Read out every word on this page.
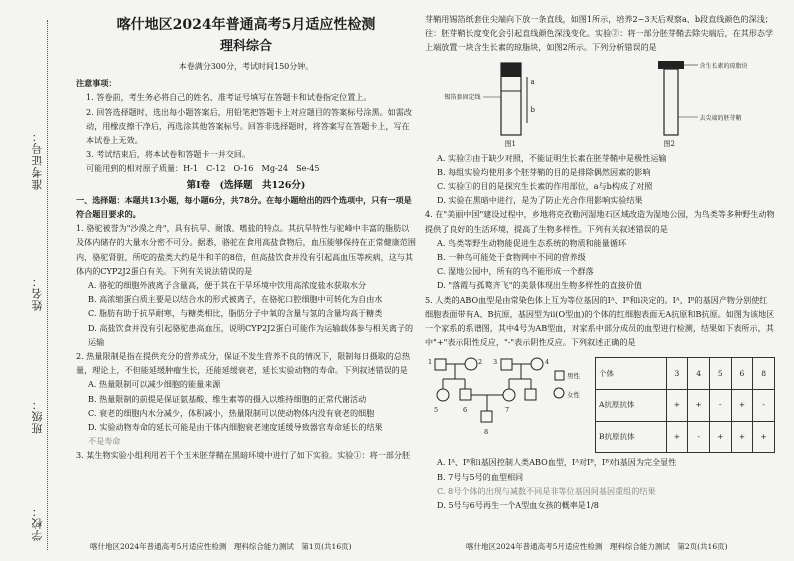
准考证号：
姓名：
班级：
学校：
喀什地区2024年普通高考5月适应性检测
理科综合
本卷满分300分，考试时间150分钟。
注意事项：

1. 答卷前，考生务必将自己的姓名、准考证号填写在答题卡和试卷指定位置上。

2. 回答选择题时，选出每小题答案后，用铅笔把答题卡上对应题目的答案标号涂黑。如需改动，用橡皮擦干净后，再选涂其他答案标号。回答非选择题时，将答案写在答题卡上，写在本试卷上无效。

3. 考试结束后，将本试卷和答题卡一并交回。

可能用到的相对原子质量：H-1　C-12　O-16　Mg-24　Se-45

第Ⅰ卷　(选择题　共126分)

一、选择题：本题共13小题，每小题6分，共78分。在每小题给出的四个选项中，只有一项是符合题目要求的。

1. 骆驼被誉为"沙漠之舟"，具有抗旱、耐饿、嗜盐的特点。其抗旱特性与驼峰中丰富的脂肪以及体内储存的大量水分密不可分。据悉，骆驼在食用高盐食物后，血压能够保持在正常健康范围内，骆驼肾脏，所吃的盐类大约是牛和羊的8倍，但高盐饮食并没有引起高血压等疾病，这与其体内的CYP2J2蛋白有关。下列有关说法错误的是

A. 骆驼的细胞外液离子含量高，便于其在干旱环境中饮用高浓度盐水获取水分

B. 高浓缩蛋白质主要是以结合水的形式被离子，在骆驼口腔细胞中可转化为自由水

C. 脂肪有助于抗旱耐寒，与糖类相比，脂肪分子中氧的含量与氢的含量均高于糖类

D. 高盐饮食并没有引起骆驼患高血压，说明CYP2J2蛋白可能作为运输载体参与相关离子的运输

2. 热量限制是指在提供充分的营养成分，保证不发生营养不良的情况下，限制每日摄取的总热量，理论上，不但能延缓肿瘤生长，还能延缓衰老，延长实验动物的寿命。下列叙述错误的是

A. 热量限制可以减少细胞的能量来源

B. 热量限制的前提是保证氨基酸、维生素等的摄入以维持细胞的正常代谢活动

C. 衰老的细胞内水分减少，体积减小，热量限制可以使动物体内没有衰老的细胞

D. 实验动物寿命的延长可能是由于体内细胞衰老速度延缓导致器官寿命延长的结果

不是寿命

3. 某生物实验小组利用若干个玉米胚芽鞘在黑暗环境中进行了如下实验。实验①：将一部分胚

喀什地区2024年普通高考5月适应性检测　理科综合能力测试　第1页(共16页)

芽鞘用锡箔纸套住尖端向下放一条直线，如图1所示，培养2~3天后观察a、b段直线颜色的深浅；往：胚芽鞘长度变化会引起直线颜色深浅变化。实验②：将一部分胚芽鞘去除尖端后，在其形态学上端放置一块含生长素的琼脂块，如图2所示。下列分析错误的是

a
b
锡箔套固定线
图1
含生长素的琼脂块
去尖端的胚芽鞘
图2

A. 实验②由于缺少对照，不能证明生长素在胚芽鞘中是极性运输

B. 每组实验均使用多个胚芽鞘的目的是排除偶然因素的影响

C. 实验①的目的是探究生长素的作用部位，a与b构成了对照

D. 实验在黑暗中进行，是为了防止光合作用影响实验结果

4. 在"美丽中国"建设过程中，乡地将克孜勒河湿地石区域改造为湿地公园，为鸟类等多种野生动物提供了良好的生活环境，提高了生物多样性。下列有关叙述错误的是

A. 鸟类等野生动物能促进生态系统的物质和能量循环

B. 一种鸟可能处于食物网中不同的营养级

C. 湿地公园中，所有的鸟不能形成一个群落

D. "落霞与孤鹜齐飞"的美景体现出生物多样性的直接价值

5. 人类的ABO血型是由常染色体上互为等位基因的Iᴬ、Iᴮ和i决定的。Iᴬ、Iᴮ的基因产物分别使红细胞表面带有A、B抗原，基因型为ii(O型血)的个体的红细胞表面无A抗原和B抗原。如图为该地区一个家系的系谱图，其中4号为AB型血，对家系中部分成员的血型进行检测，结果如下表所示，其中"+"表示阳性反应，"-"表示阴性反应。下列叙述正确的是

1	2 3	4
5	6	7
8
男性
女性
个体	3	4	5	6	8
A抗原抗体	+	+	-	+	-
B抗原抗体	+	-	+	+	+

A. Iᴬ、Iᴮ和i基因控制人类ABO血型，Iᴬ对Iᴮ，Iᴮ对i基因为完全显性

B. 7号与5号的血型相同

C. 8号个体的出现与减数不同是非等位基因间基因重组的结果

D. 5号与6号再生一个A型血女孩的概率是1/8

喀什地区2024年普通高考5月适应性检测　理科综合能力测试　第2页(共16页)
